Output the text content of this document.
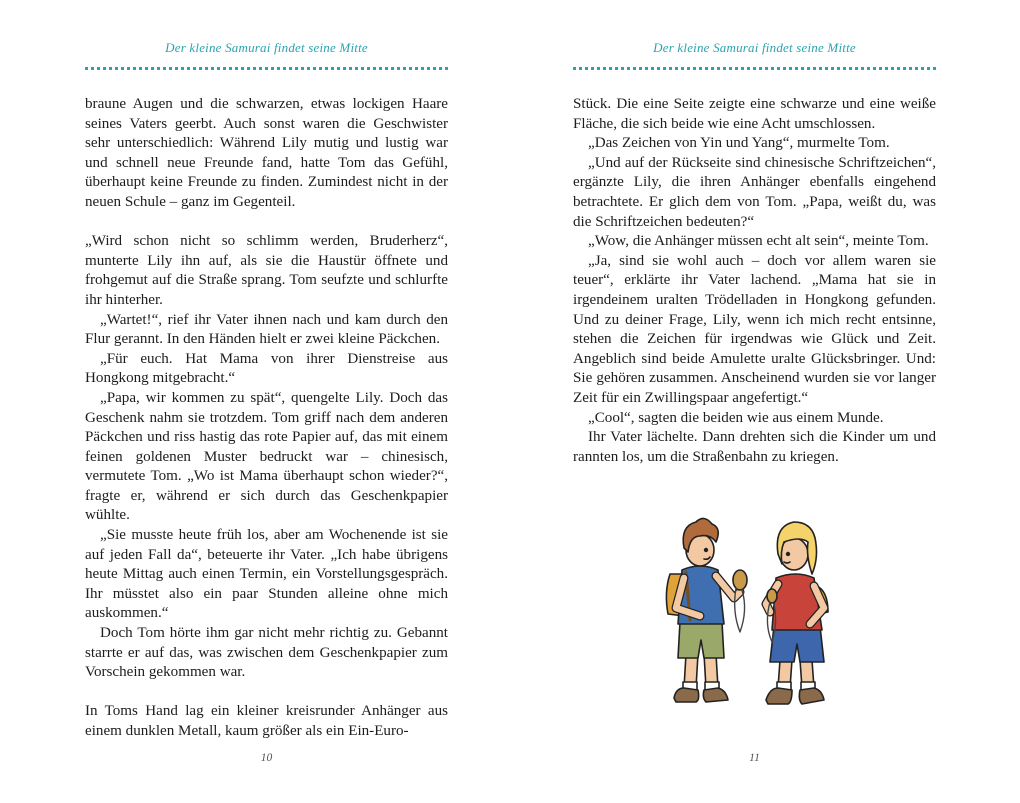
Der kleine Samurai findet seine Mitte

braune Augen und die schwarzen, etwas lockigen Haare seines Vaters geerbt. Auch sonst waren die Geschwister sehr unterschiedlich: Während Lily mutig und lustig war und schnell neue Freunde fand, hatte Tom das Gefühl, überhaupt keine Freunde zu finden. Zumindest nicht in der neuen Schule – ganz im Gegenteil.

„Wird schon nicht so schlimm werden, Bruderherz“, munterte Lily ihn auf, als sie die Haustür öffnete und frohgemut auf die Straße sprang. Tom seufzte und schlurfte ihr hinterher.

„Wartet!“, rief ihr Vater ihnen nach und kam durch den Flur gerannt. In den Händen hielt er zwei kleine Päckchen.

„Für euch. Hat Mama von ihrer Dienstreise aus Hongkong mitgebracht.“

„Papa, wir kommen zu spät“, quengelte Lily. Doch das Geschenk nahm sie trotzdem. Tom griff nach dem anderen Päckchen und riss hastig das rote Papier auf, das mit einem feinen goldenen Muster bedruckt war – chinesisch, vermutete Tom. „Wo ist Mama überhaupt schon wieder?“, fragte er, während er sich durch das Geschenkpapier wühlte.

„Sie musste heute früh los, aber am Wochenende ist sie auf jeden Fall da“, beteuerte ihr Vater. „Ich habe übrigens heute Mittag auch einen Termin, ein Vorstellungsgespräch. Ihr müsstet also ein paar Stunden alleine ohne mich auskommen.“

Doch Tom hörte ihm gar nicht mehr richtig zu. Gebannt starrte er auf das, was zwischen dem Geschenkpapier zum Vorschein gekommen war.

In Toms Hand lag ein kleiner kreisrunder Anhänger aus einem dunklen Metall, kaum größer als ein Ein-Euro-

10
Der kleine Samurai findet seine Mitte

Stück. Die eine Seite zeigte eine schwarze und eine weiße Fläche, die sich beide wie eine Acht umschlossen.

„Das Zeichen von Yin und Yang“, murmelte Tom.

„Und auf der Rückseite sind chinesische Schriftzeichen“, ergänzte Lily, die ihren Anhänger ebenfalls eingehend betrachtete. Er glich dem von Tom. „Papa, weißt du, was die Schriftzeichen bedeuten?“

„Wow, die Anhänger müssen echt alt sein“, meinte Tom.

„Ja, sind sie wohl auch – doch vor allem waren sie teuer“, erklärte ihr Vater lachend. „Mama hat sie in irgendeinem uralten Trödelladen in Hongkong gefunden. Und zu deiner Frage, Lily, wenn ich mich recht entsinne, stehen die Zeichen für irgendwas wie Glück und Zeit. Angeblich sind beide Amulette uralte Glücksbringer. Und: Sie gehören zusammen. Anscheinend wurden sie vor langer Zeit für ein Zwillingspaar angefertigt.“

„Cool“, sagten die beiden wie aus einem Munde.

Ihr Vater lächelte. Dann drehten sich die Kinder um und rannten los, um die Straßenbahn zu kriegen.

11
